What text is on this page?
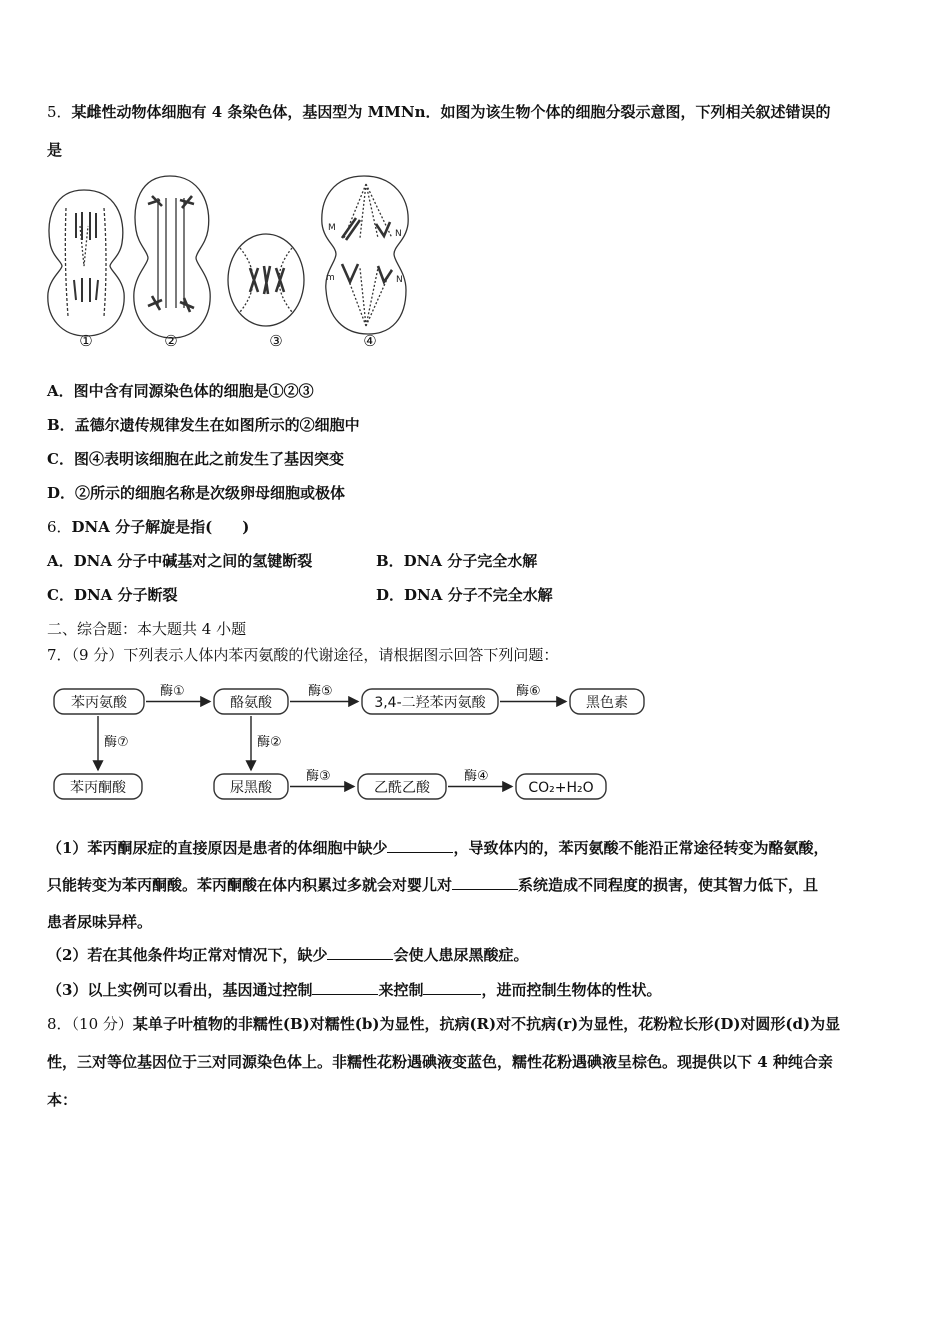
5．某雌性动物体细胞有 4 条染色体，基因型为 MMNn．如图为该生物个体的细胞分裂示意图，下列相关叙述错误的
是
M
N
m	N
①	②	③	④
A．图中含有同源染色体的细胞是①②③
B．孟德尔遗传规律发生在如图所示的②细胞中
C．图④表明该细胞在此之前发生了基因突变
D．②所示的细胞名称是次级卵母细胞或极体
6．DNA 分子解旋是指(　　)
A．DNA 分子中碱基对之间的氢键断裂	B．DNA 分子完全水解
C．DNA 分子断裂	D．DNA 分子不完全水解
二、综合题：本大题共 4 小题
7．（9 分）下列表示人体内苯丙氨酸的代谢途径，请根据图示回答下列问题：
苯丙氨酸	酪氨酸	3,4-二羟苯丙氨酸	黑色素
苯丙酮酸	尿黑酸	乙酰乙酸	CO₂+H₂O
酶①	酶⑤	酶⑥
酶⑦	酶②
酶③	酶④
（1）苯丙酮尿症的直接原因是患者的体细胞中缺少	，导致体内的，苯丙氨酸不能沿正常途径转变为酪氨酸，
只能转变为苯丙酮酸。苯丙酮酸在体内积累过多就会对婴儿对	系统造成不同程度的损害，使其智力低下，且
患者尿味异样。
（2）若在其他条件均正常对情况下，缺少	会使人患尿黑酸症。
（3）以上实例可以看出，基因通过控制	来控制	，进而控制生物体的性状。
8．（10 分）某单子叶植物的非糯性(B)对糯性(b)为显性，抗病(R)对不抗病(r)为显性，花粉粒长形(D)对圆形(d)为显
性，三对等位基因位于三对同源染色体上。非糯性花粉遇碘液变蓝色，糯性花粉遇碘液呈棕色。现提供以下 4 种纯合亲
本：
